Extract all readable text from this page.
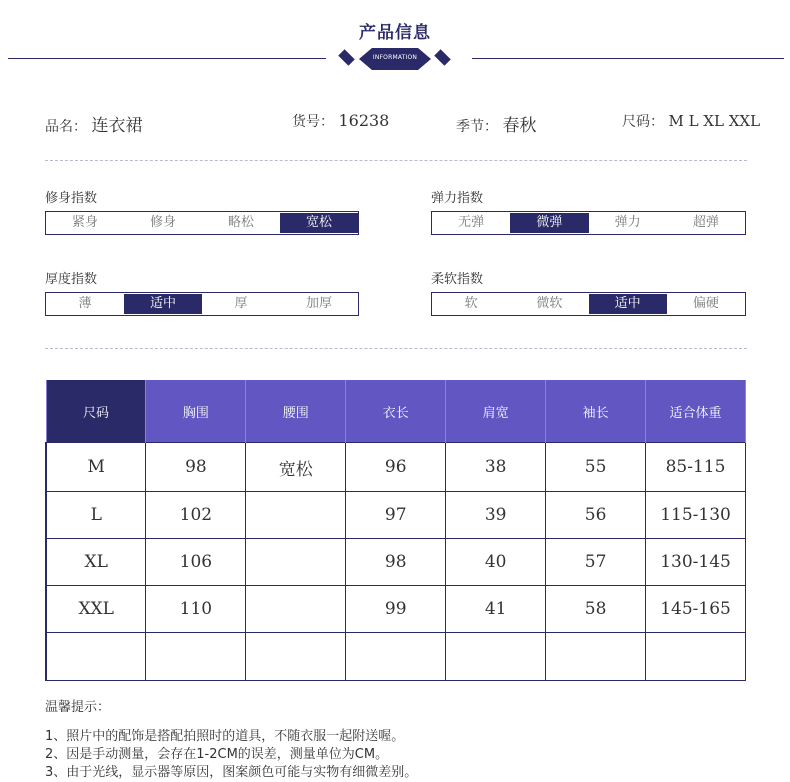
产品信息
INFORMATION
品名： 连衣裙	货号： 16238	季节： 春秋	尺码： M L XL XXL
修身指数
紧身	修身	略松	宽松
弹力指数
无弹	微弹	弹力	超弹
厚度指数
薄	适中	厚	加厚
柔软指数
软	微软	适中	偏硬
尺码	胸围	腰围	衣长	肩宽	袖长	适合体重
M	98	宽松	96	38	55	85-115
L	102		97	39	56	115-130
XL	106		98	40	57	130-145
XXL	110		99	41	58	145-165

温馨提示：
1、照片中的配饰是搭配拍照时的道具，不随衣服一起附送喔。
2、因是手动测量，会存在1-2CM的误差，测量单位为CM。
3、由于光线，显示器等原因，图案颜色可能与实物有细微差别。
